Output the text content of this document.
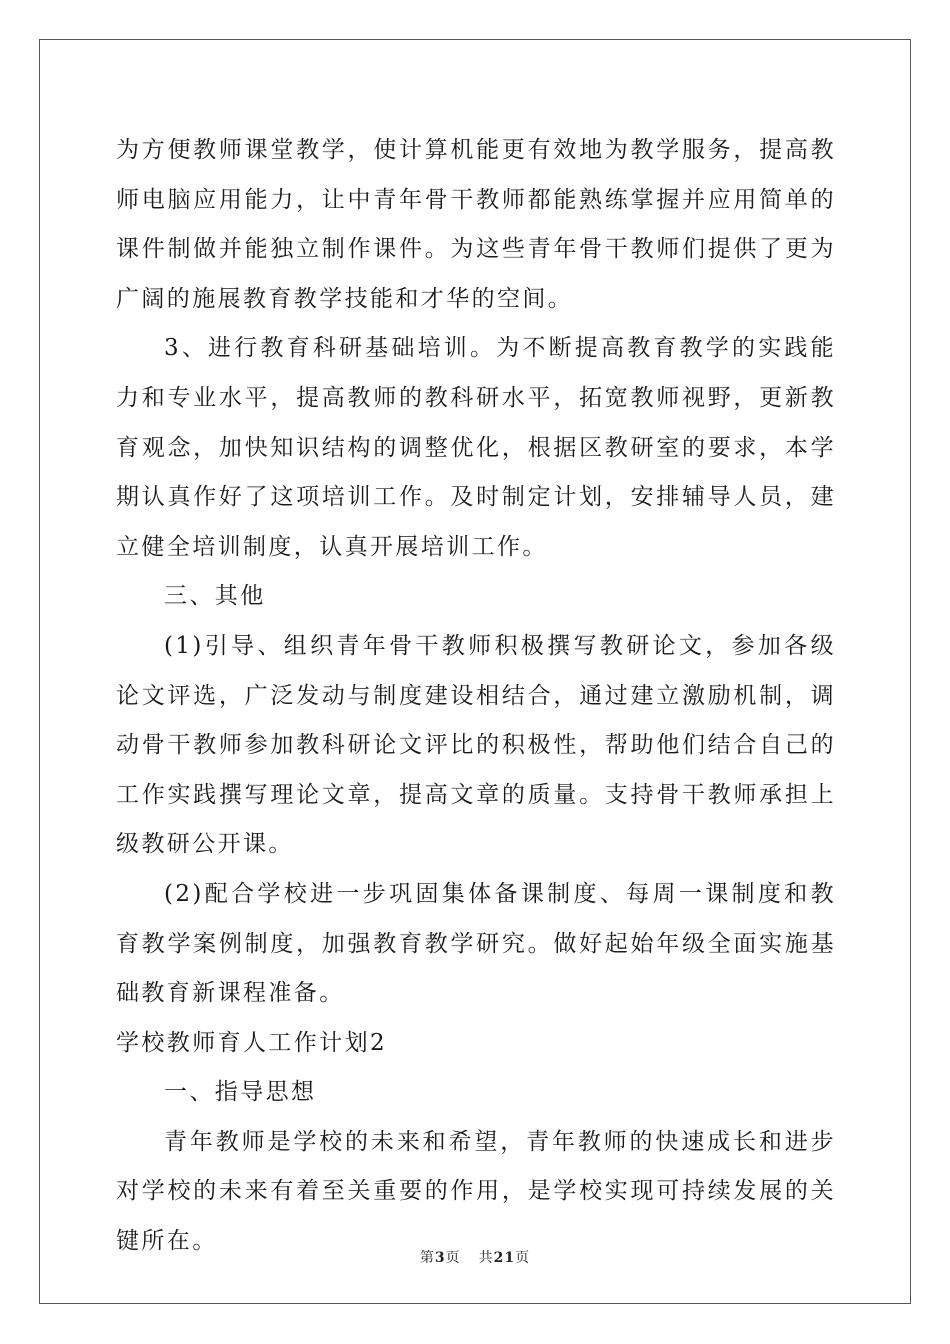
为方便教师课堂教学，使计算机能更有效地为教学服务，提高教师电脑应用能力，让中青年骨干教师都能熟练掌握并应用简单的课件制做并能独立制作课件。为这些青年骨干教师们提供了更为广阔的施展教育教学技能和才华的空间。

3、进行教育科研基础培训。为不断提高教育教学的实践能力和专业水平，提高教师的教科研水平，拓宽教师视野，更新教育观念，加快知识结构的调整优化，根据区教研室的要求，本学期认真作好了这项培训工作。及时制定计划，安排辅导人员，建立健全培训制度，认真开展培训工作。

三、其他

(1)引导、组织青年骨干教师积极撰写教研论文，参加各级论文评选，广泛发动与制度建设相结合，通过建立激励机制，调动骨干教师参加教科研论文评比的积极性，帮助他们结合自己的工作实践撰写理论文章，提高文章的质量。支持骨干教师承担上级教研公开课。

(2)配合学校进一步巩固集体备课制度、每周一课制度和教育教学案例制度，加强教育教学研究。做好起始年级全面实施基础教育新课程准备。

学校教师育人工作计划2

一、指导思想

青年教师是学校的未来和希望，青年教师的快速成长和进步对学校的未来有着至关重要的作用，是学校实现可持续发展的关键所在。

第3页 共21页
